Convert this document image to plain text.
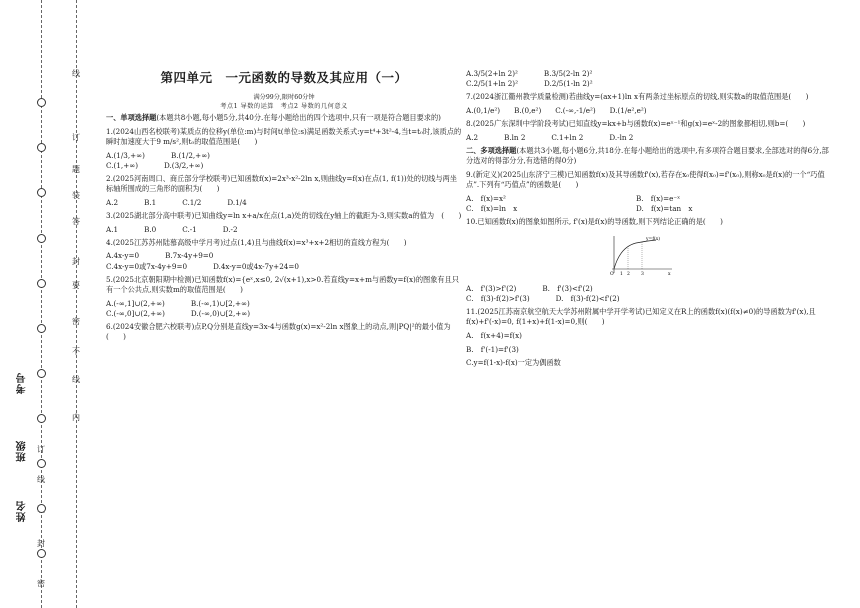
线
订
题
装
答
封
要
密
不
线
内
订
线
封
密
考号
班级
姓名
第四单元　一元函数的导数及其应用（一）
满分99分,限时60分钟
考点1 导数的运算　考点2 导数的几何意义

一、单项选择题(本题共8小题,每小题5分,共40分.在每小题给出的四个选项中,只有一项是符合题目要求的)

1.(2024山西名校联考)某质点的位移y(单位:m)与时间t(单位:s)满足函数关系式:y=t⁴+3t²-4,当t=t₀时,该质点的瞬时加速度大于9 m/s²,则t₀的取值范围是(　　)

A.(1/3,+∞)	B.(1/2,+∞)
C.(1,+∞)	D.(3/2,+∞)

2.(2025河南周口、商丘部分学校联考)已知函数f(x)=2x³-x²-2ln x,则曲线y=f(x)在点(1, f(1))处的切线与两坐标轴所围成的三角形的面积为(　　)

A.2	B.1	C.1/2	D.1/4

3.(2025湖北部分高中联考)已知曲线y=ln x+a/x在点(1,a)处的切线在y轴上的截距为-3,则实数a的值为　(　　)

A.1	B.0	C.-1	D.-2

4.(2025江苏苏州陆慕高级中学月考)过点(1,4)且与曲线f(x)=x³+x+2相切的直线方程为(　　)

A.4x-y=0	B.7x-4y+9=0
C.4x-y=0或7x-4y+9=0	D.4x-y=0或4x-7y+24=0

5.(2025北京朝阳期中检测)已知函数f(x)={eˣ,x≤0, 2√(x+1),x>0.若直线y=x+m与函数y=f(x)的图象有且只有一个公共点,则实数m的取值范围是(　　)

A.(-∞,1]∪(2,+∞)	B.(-∞,1)∪[2,+∞)
C.(-∞,0]∪(2,+∞)	D.(-∞,0)∪[2,+∞)

6.(2024安徽合肥六校联考)点P,Q分别是直线y=3x-4与函数g(x)=x²-2ln x图象上的动点,则|PQ|²的最小值为(　　)

A.3/5(2+ln 2)²	B.3/5(2-ln 2)²
C.2/5(1+ln 2)²	D.2/5(1-ln 2)²

7.(2024浙江衢州教学质量检测)若曲线y=(ax+1)ln x有两条过坐标原点的切线,则实数a的取值范围是(　　)

A.(0,1/e²) B.(0,e²) C.(-∞,-1/e²) D.(1/e²,e²)

8.(2025广东深圳中学阶段考试)已知直线y=kx+b与函数f(x)=eˣ⁻¹和g(x)=eˣ-2的图象都相切,则b=(　　)

A.2	B.ln 2	C.1+ln 2	D.-ln 2

二、多项选择题(本题共3小题,每小题6分,共18分.在每小题给出的选项中,有多项符合题目要求,全部选对的得6分,部分选对的得部分分,有选错的得0分)

9.(新定义)(2025山东济宁三模)已知函数f(x)及其导函数f'(x),若存在x₀使得f(x₀)=f'(x₀),则称x₀是f(x)的一个“巧值点”.下列有“巧值点”的函数是(　　)

A.　f(x)=x²	B.　f(x)=e⁻ˣ
C.　f(x)=ln　x	D.　f(x)=tan　x

10.已知函数f(x)的图象如图所示, f'(x)是f(x)的导函数,则下列结论正确的是(　　)

y=f(x)
O 1 2 3	x
A.　f'(3)>f'(2)	B.　f'(3)<f'(2)
C.　f(3)-f(2)>f'(3)	D.　f(3)-f(2)<f'(2)

11.(2025江苏南京航空航天大学苏州附属中学开学考试)已知定义在R上的函数f(x)(f(x)≠0)的导函数为f'(x),且f(x)+f'(-x)=0, f(1+x)+f(1-x)=0,则(　　)

A.　f(x+4)=f(x)

B.　f'(-1)=f'(3)

C.y=f(1-x)-f(x)一定为偶函数
